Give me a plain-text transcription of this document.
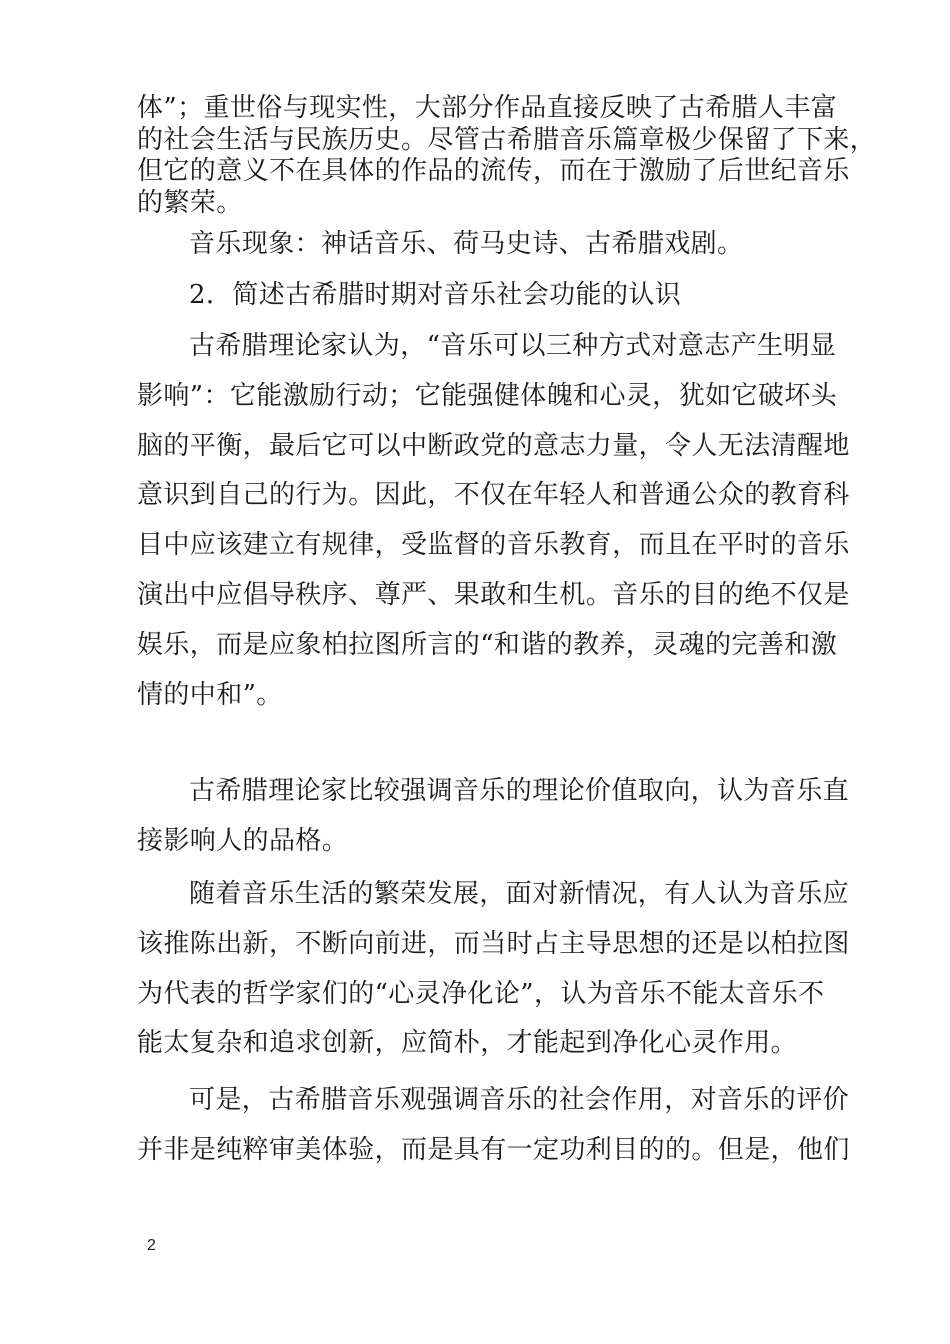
体”；重世俗与现实性，大部分作品直接反映了古希腊人丰富
的社会生活与民族历史。尽管古希腊音乐篇章极少保留了下来，
但它的意义不在具体的作品的流传，而在于激励了后世纪音乐
的繁荣。

音乐现象：神话音乐、荷马史诗、古希腊戏剧。

2．简述古希腊时期对音乐社会功能的认识

古希腊理论家认为，“音乐可以三种方式对意志产生明显
影响”：它能激励行动；它能强健体魄和心灵，犹如它破坏头
脑的平衡，最后它可以中断政党的意志力量，令人无法清醒地
意识到自己的行为。因此，不仅在年轻人和普通公众的教育科
目中应该建立有规律，受监督的音乐教育，而且在平时的音乐
演出中应倡导秩序、尊严、果敢和生机。音乐的目的绝不仅是
娱乐，而是应象柏拉图所言的“和谐的教养，灵魂的完善和激
情的中和”。

古希腊理论家比较强调音乐的理论价值取向，认为音乐直
接影响人的品格。

随着音乐生活的繁荣发展，面对新情况，有人认为音乐应
该推陈出新，不断向前进，而当时占主导思想的还是以柏拉图
为代表的哲学家们的“心灵净化论”，认为音乐不能太音乐不
能太复杂和追求创新，应简朴，才能起到净化心灵作用。

可是，古希腊音乐观强调音乐的社会作用，对音乐的评价
并非是纯粹审美体验，而是具有一定功利目的的。但是，他们

2
